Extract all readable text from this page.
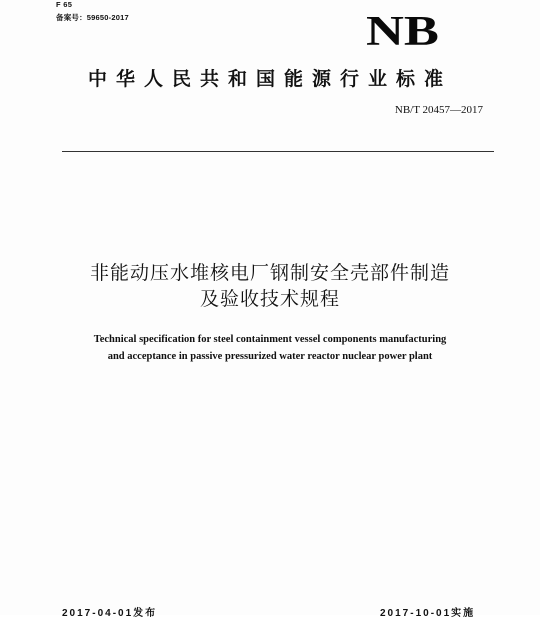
F 65
备案号：59650-2017	NB
中华人民共和国能源行业标准
NB/T 20457—2017
非能动压水堆核电厂钢制安全壳部件制造
及验收技术规程
Technical specification for steel containment vessel components manufacturing
and acceptance in passive pressurized water reactor nuclear power plant
2017-04-01发布	2017-10-01实施
